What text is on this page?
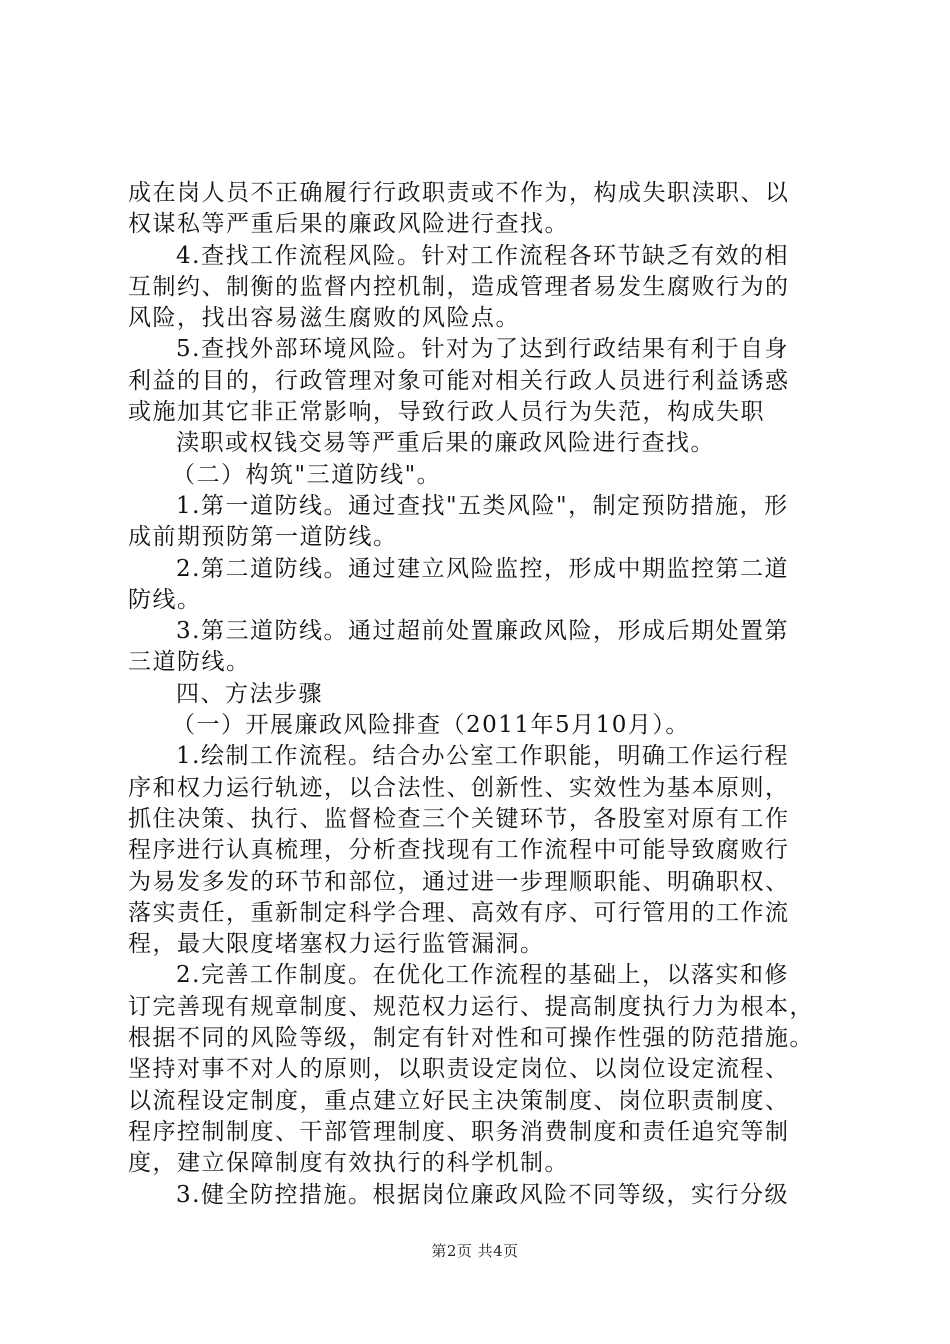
成在岗人员不正确履行行政职责或不作为，构成失职渎职、以
权谋私等严重后果的廉政风险进行查找。
4.查找工作流程风险。针对工作流程各环节缺乏有效的相
互制约、制衡的监督内控机制，造成管理者易发生腐败行为的
风险，找出容易滋生腐败的风险点。
5.查找外部环境风险。针对为了达到行政结果有利于自身
利益的目的，行政管理对象可能对相关行政人员进行利益诱惑
或施加其它非正常影响，导致行政人员行为失范，构成失职
渎职或权钱交易等严重后果的廉政风险进行查找。
（二）构筑"三道防线"。
1.第一道防线。通过查找"五类风险"，制定预防措施，形
成前期预防第一道防线。
2.第二道防线。通过建立风险监控，形成中期监控第二道
防线。
3.第三道防线。通过超前处置廉政风险，形成后期处置第
三道防线。
四、方法步骤
（一）开展廉政风险排查（2011年5月10月）。
1.绘制工作流程。结合办公室工作职能，明确工作运行程
序和权力运行轨迹，以合法性、创新性、实效性为基本原则，
抓住决策、执行、监督检查三个关键环节，各股室对原有工作
程序进行认真梳理，分析查找现有工作流程中可能导致腐败行
为易发多发的环节和部位，通过进一步理顺职能、明确职权、
落实责任，重新制定科学合理、高效有序、可行管用的工作流
程，最大限度堵塞权力运行监管漏洞。
2.完善工作制度。在优化工作流程的基础上，以落实和修
订完善现有规章制度、规范权力运行、提高制度执行力为根本，
根据不同的风险等级，制定有针对性和可操作性强的防范措施。
坚持对事不对人的原则，以职责设定岗位、以岗位设定流程、
以流程设定制度，重点建立好民主决策制度、岗位职责制度、
程序控制制度、干部管理制度、职务消费制度和责任追究等制
度，建立保障制度有效执行的科学机制。
3.健全防控措施。根据岗位廉政风险不同等级，实行分级
第2页 共4页
